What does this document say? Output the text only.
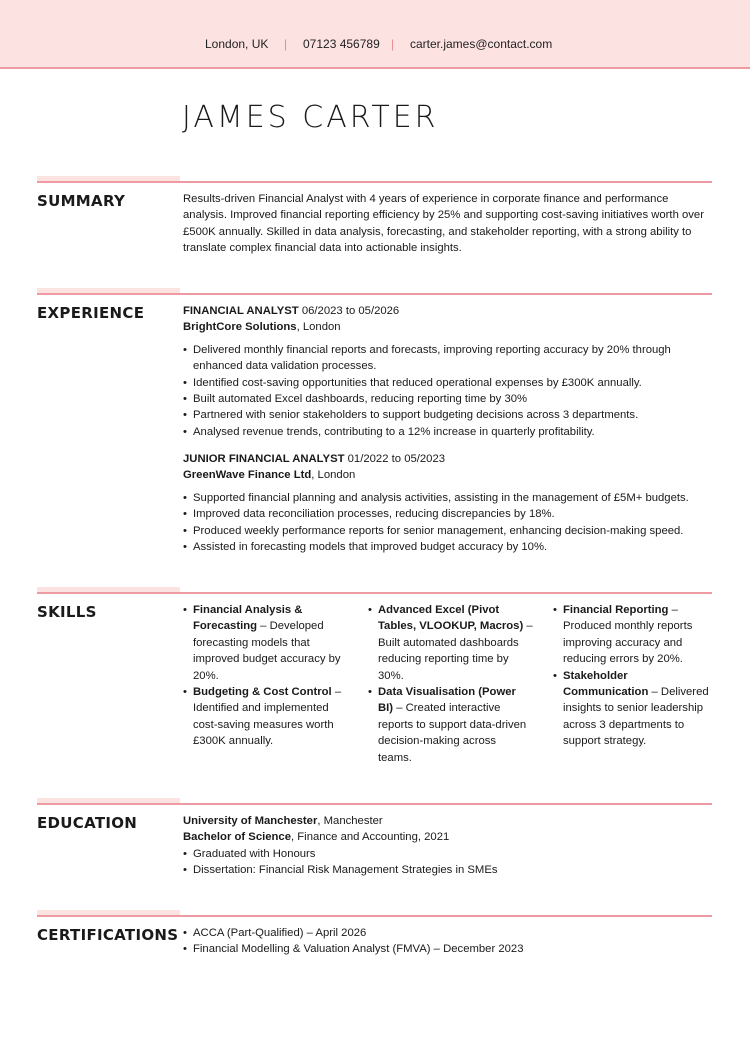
London, UK | 07123 456789 | carter.james@contact.com
JAMES CARTER
SUMMARY	Results-driven Financial Analyst with 4 years of experience in corporate finance and performance analysis. Improved financial reporting efficiency by 25% and supporting cost-saving initiatives worth over £500K annually. Skilled in data analysis, forecasting, and stakeholder reporting, with a strong ability to translate complex financial data into actionable insights.
EXPERIENCE	FINANCIAL ANALYST 06/2023 to 05/2026
BrightCore Solutions, London
• Delivered monthly financial reports and forecasts, improving reporting accuracy by 20% through enhanced data validation processes.
• Identified cost-saving opportunities that reduced operational expenses by £300K annually.
• Built automated Excel dashboards, reducing reporting time by 30%
• Partnered with senior stakeholders to support budgeting decisions across 3 departments.
• Analysed revenue trends, contributing to a 12% increase in quarterly profitability.
JUNIOR FINANCIAL ANALYST 01/2022 to 05/2023
GreenWave Finance Ltd, London
• Supported financial planning and analysis activities, assisting in the management of £5M+ budgets.
• Improved data reconciliation processes, reducing discrepancies by 18%.
• Produced weekly performance reports for senior management, enhancing decision-making speed.
• Assisted in forecasting models that improved budget accuracy by 10%.
SKILLS	• Financial Analysis & Forecasting – Developed forecasting models that improved budget accuracy by 20%.
• Budgeting & Cost Control – Identified and implemented cost-saving measures worth £300K annually.
• Advanced Excel (Pivot Tables, VLOOKUP, Macros) – Built automated dashboards reducing reporting time by 30%.
• Data Visualisation (Power BI) – Created interactive reports to support data-driven decision-making across teams.
• Financial Reporting – Produced monthly reports improving accuracy and reducing errors by 20%.
• Stakeholder Communication – Delivered insights to senior leadership across 3 departments to support strategy.
EDUCATION	University of Manchester, Manchester
Bachelor of Science, Finance and Accounting, 2021
• Graduated with Honours
• Dissertation: Financial Risk Management Strategies in SMEs
CERTIFICATIONS	• ACCA (Part-Qualified) – April 2026
• Financial Modelling & Valuation Analyst (FMVA) – December 2023
